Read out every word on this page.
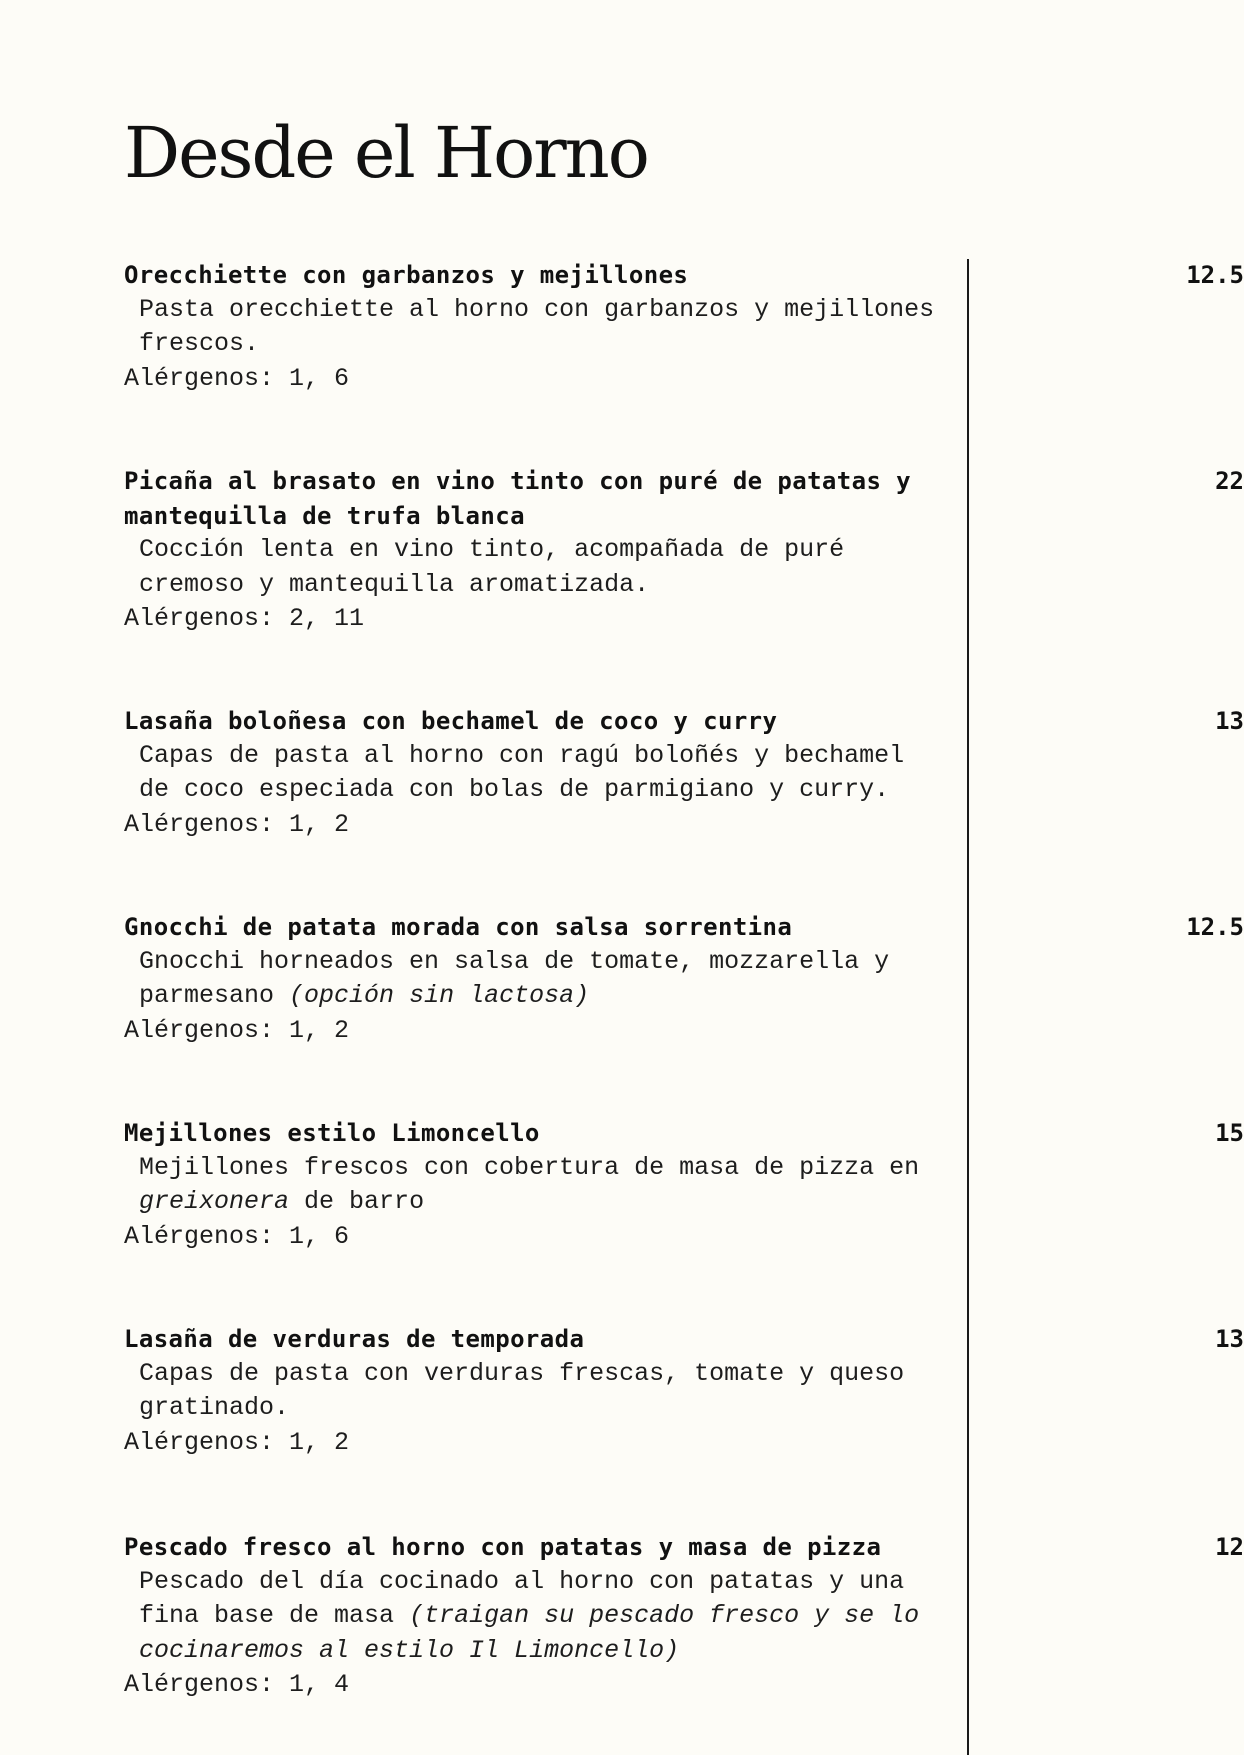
Desde el Horno
Orecchiette con garbanzos y mejillones
Pasta orecchiette al horno con garbanzos y mejillones frescos.
Alérgenos: 1, 6
12.5
Picaña al brasato en vino tinto con puré de patatas y mantequilla de trufa blanca
Cocción lenta en vino tinto, acompañada de puré cremoso y mantequilla aromatizada.
Alérgenos: 2, 11
22
Lasaña boloñesa con bechamel de coco y curry
Capas de pasta al horno con ragú boloñés y bechamel de coco especiada con bolas de parmigiano y curry.
Alérgenos: 1, 2
13
Gnocchi de patata morada con salsa sorrentina
Gnocchi horneados en salsa de tomate, mozzarella y parmesano (opción sin lactosa)
Alérgenos: 1, 2
12.5
Mejillones estilo Limoncello
Mejillones frescos con cobertura de masa de pizza en greixonera de barro
Alérgenos: 1, 6
15
Lasaña de verduras de temporada
Capas de pasta con verduras frescas, tomate y queso gratinado.
Alérgenos: 1, 2
13
Pescado fresco al horno con patatas y masa de pizza
Pescado del día cocinado al horno con patatas y una fina base de masa (traigan su pescado fresco y se lo cocinaremos al estilo Il Limoncello)
Alérgenos: 1, 4
12
